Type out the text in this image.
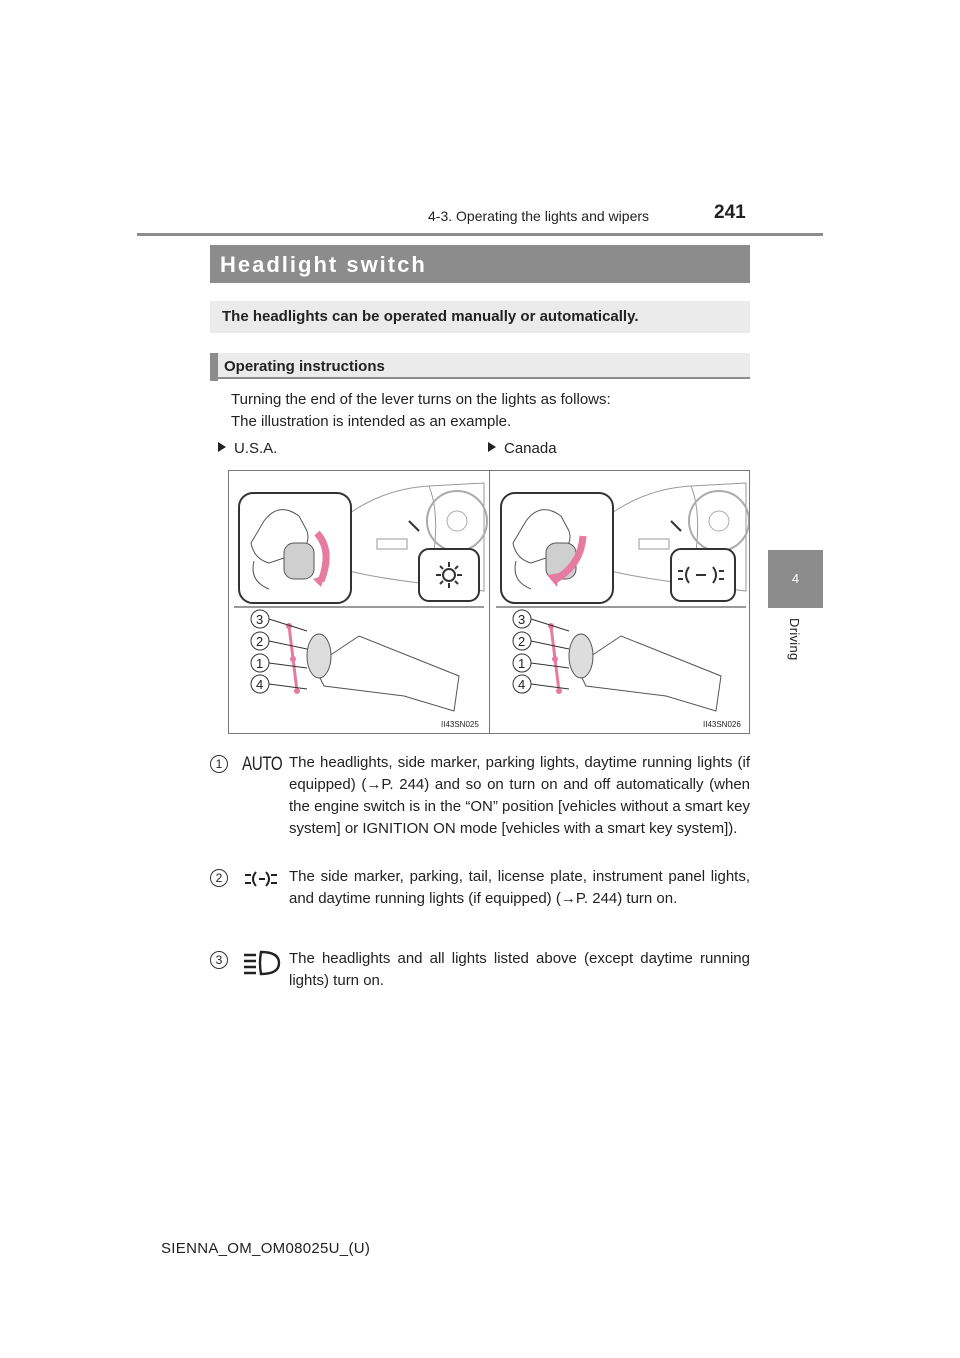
4-3. Operating the lights and wipers	241
4
Driving
Headlight switch
The headlights can be operated manually or automatically.
Operating instructions
Turning the end of the lever turns on the lights as follows:
The illustration is intended as an example.
U.S.A.	Canada
II43SN025	II43SN026
3
2
1
4
3
2
1
4
1 AUTO The headlights, side marker, parking lights, daytime running lights (if equipped) (→P. 244) and so on turn on and off automatically (when the engine switch is in the “ON” position [vehicles without a smart key system] or IGNITION ON mode [vehicles with a smart key system]).
2	The side marker, parking, tail, license plate, instrument panel lights, and daytime running lights (if equipped) (→P. 244) turn on.
3	The headlights and all lights listed above (except daytime running lights) turn on.
SIENNA_OM_OM08025U_(U)
